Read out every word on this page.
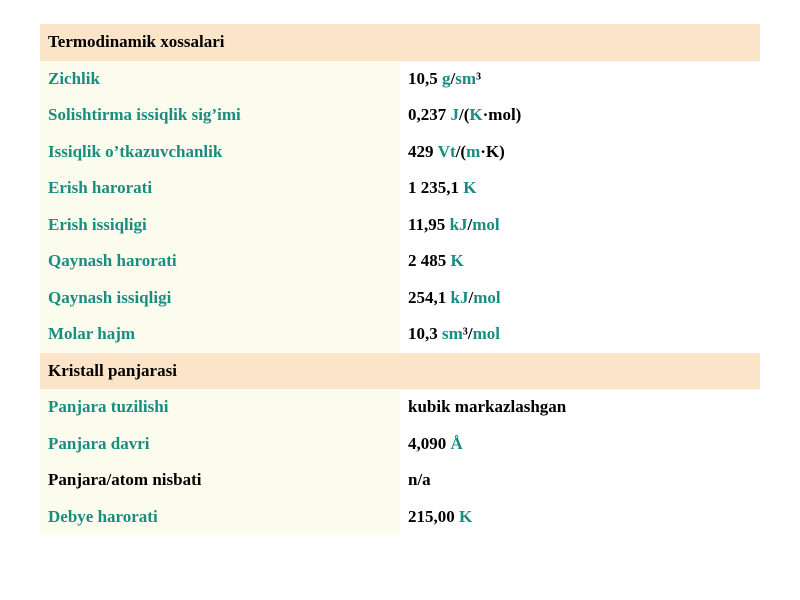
Termodinamik xossalari
Zichlik	10,5 g / sm ³
Solishtirma issiqlik sig’imi	0,237 J /( K ·mol)
Issiqlik o’tkazuvchanlik	429 Vt /( m ·K)
Erish harorati	1 235,1 K
Erish issiqligi	11,95 kJ / mol
Qaynash harorati	2 485 K
Qaynash issiqligi	254,1 kJ / mol
Molar hajm	10,3 sm ³/ mol
Kristall panjarasi
Panjara tuzilishi	kubik markazlashgan
Panjara davri	4,090 Å
Panjara/atom nisbati	n/a
Debye harorati	215,00 K
